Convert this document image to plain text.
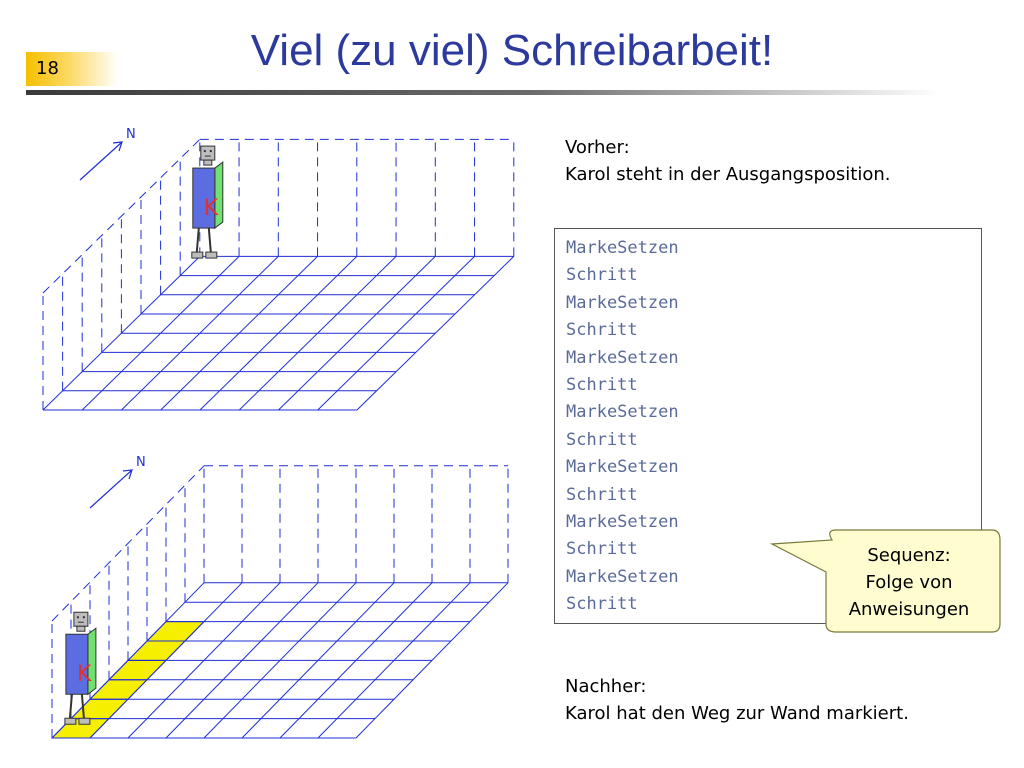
18	Viel (zu viel) Schreibarbeit!
N
K
N
K
Vorher:
Karol steht in der Ausgangsposition.
MarkeSetzen
Schritt
MarkeSetzen
Schritt
MarkeSetzen
Schritt
MarkeSetzen
Schritt
MarkeSetzen
Schritt
MarkeSetzen
Schritt
MarkeSetzen
Schritt
Sequenz:
Folge von
Anweisungen
Nachher:
Karol hat den Weg zur Wand markiert.
